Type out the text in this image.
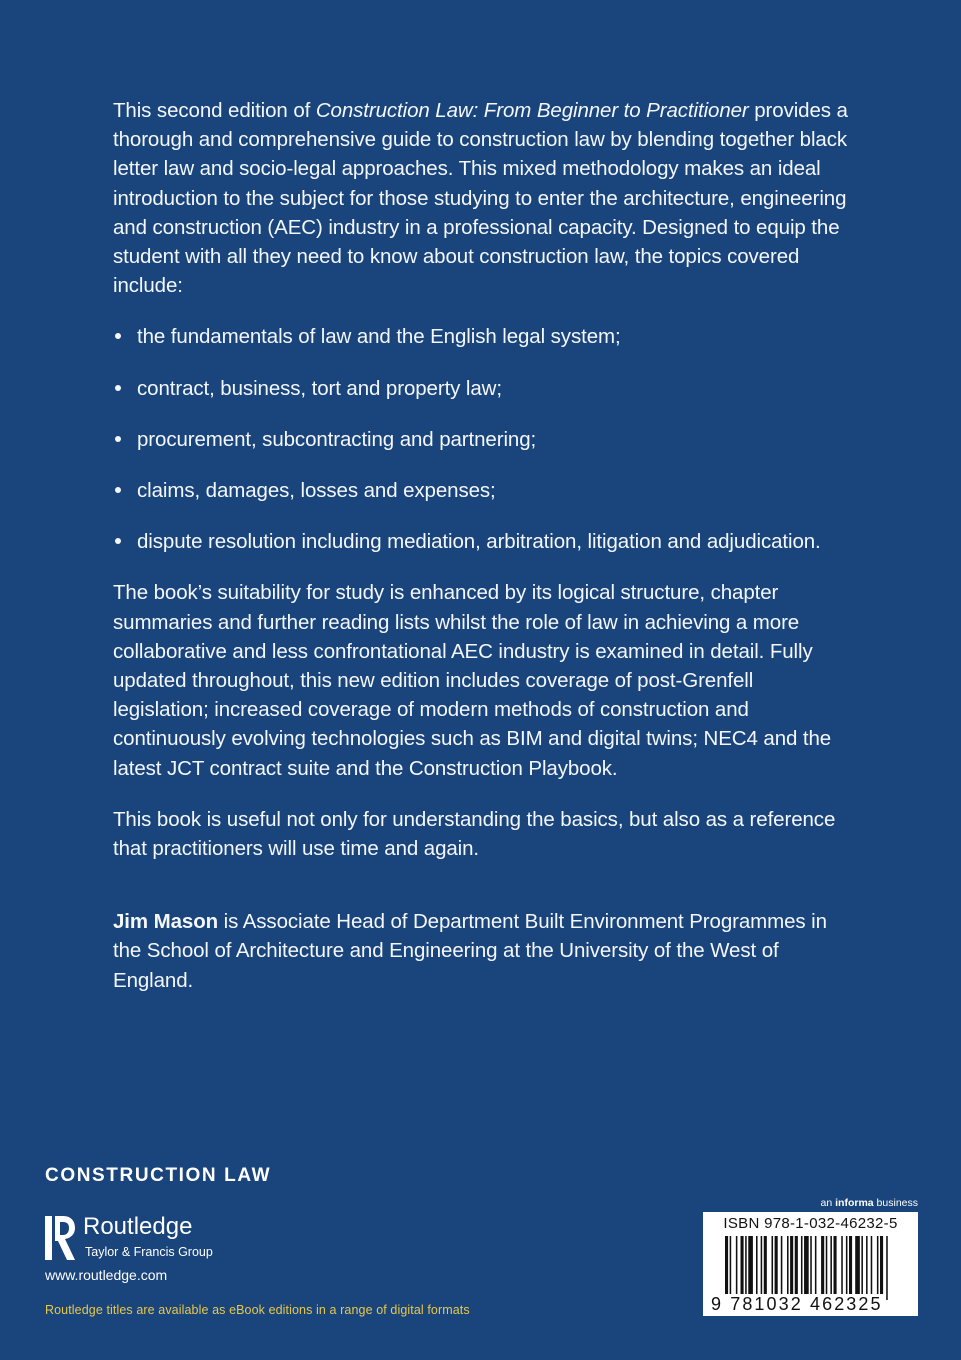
This second edition of Construction Law: From Beginner to Practitioner provides a thorough and comprehensive guide to construction law by blending together black letter law and socio-legal approaches. This mixed methodology makes an ideal introduction to the subject for those studying to enter the architecture, engineering and construction (AEC) industry in a professional capacity. Designed to equip the student with all they need to know about construction law, the topics covered include:

the fundamentals of law and the English legal system;
contract, business, tort and property law;
procurement, subcontracting and partnering;
claims, damages, losses and expenses;
dispute resolution including mediation, arbitration, litigation and adjudication.

The book’s suitability for study is enhanced by its logical structure, chapter summaries and further reading lists whilst the role of law in achieving a more collaborative and less confrontational AEC industry is examined in detail. Fully updated throughout, this new edition includes coverage of post-Grenfell legislation; increased coverage of modern methods of construction and continuously evolving technologies such as BIM and digital twins; NEC4 and the latest JCT contract suite and the Construction Playbook.

This book is useful not only for understanding the basics, but also as a reference that practitioners will use time and again.

Jim Mason is Associate Head of Department Built Environment Programmes in the School of Architecture and Engineering at the University of the West of England.

CONSTRUCTION LAW
Routledge
Taylor & Francis Group
www.routledge.com
Routledge titles are available as eBook editions in a range of digital formats
an informa business
ISBN 978-1-032-46232-5
9 781032 462325
